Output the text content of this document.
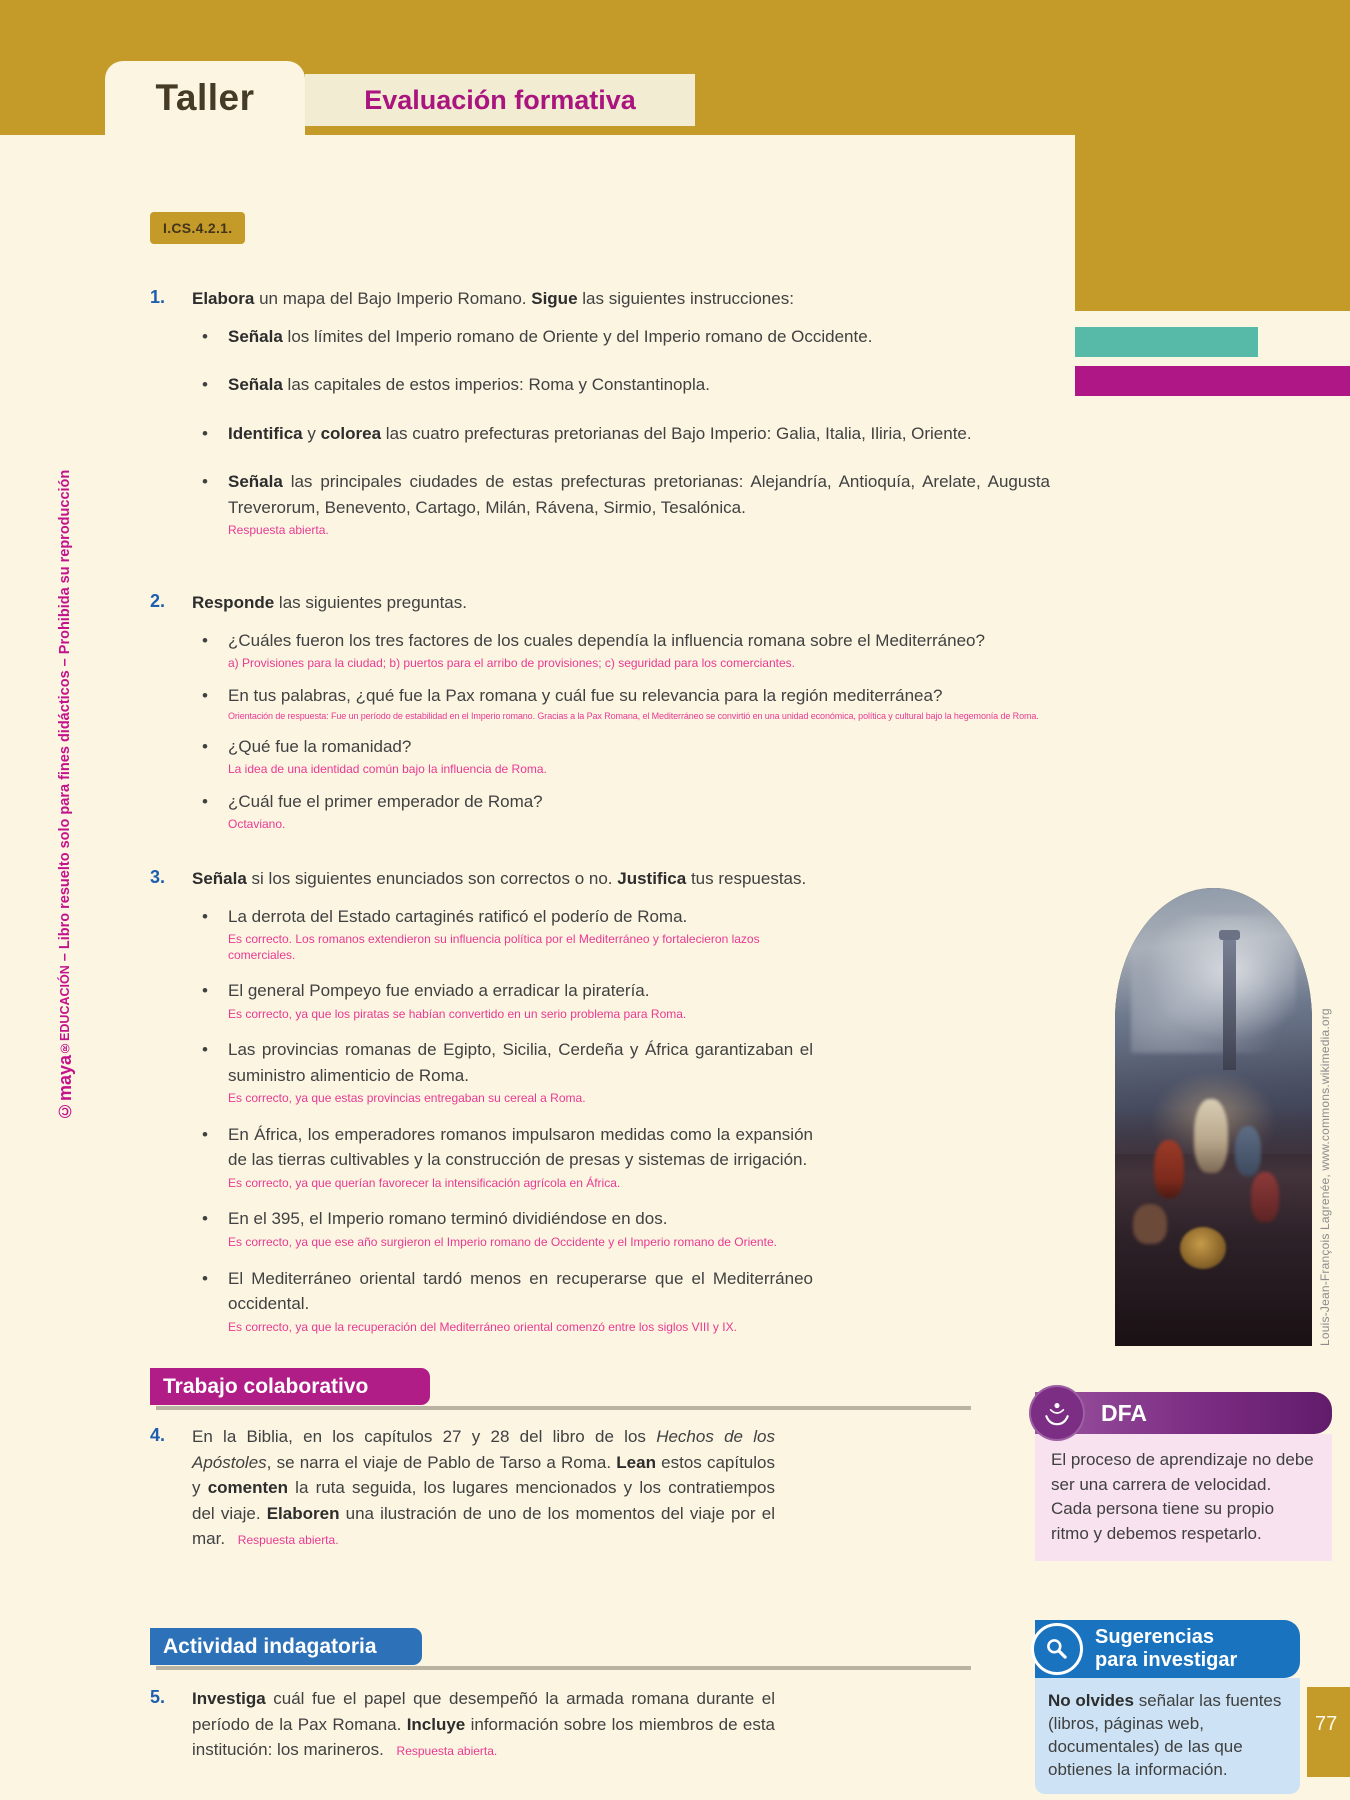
Taller	Evaluación formativa
I.CS.4.2.1.
©maya®EDUCACIÓN – Libro resuelto solo para fines didácticos – Prohibida su reproducción
1.	Elabora un mapa del Bajo Imperio Romano. Sigue las siguientes instrucciones:

• Señala los límites del Imperio romano de Oriente y del Imperio romano de Occidente.

• Señala las capitales de estos imperios: Roma y Constantinopla.

• Identifica y colorea las cuatro prefecturas pretorianas del Bajo Imperio: Galia, Italia, Iliria, Oriente.

• Señala las principales ciudades de estas prefecturas pretorianas: Alejandría, Antioquía, Arelate, Augusta Treverorum, Benevento, Cartago, Milán, Rávena, Sirmio, Tesalónica.

Respuesta abierta.

2.	Responde las siguientes preguntas.

• ¿Cuáles fueron los tres factores de los cuales dependía la influencia romana sobre el Mediterráneo?

a) Provisiones para la ciudad; b) puertos para el arribo de provisiones; c) seguridad para los comerciantes.

• En tus palabras, ¿qué fue la Pax romana y cuál fue su relevancia para la región mediterránea?

Orientación de respuesta: Fue un período de estabilidad en el Imperio romano. Gracias a la Pax Romana, el Mediterráneo se convirtió en una unidad económica, política y cultural bajo la hegemonía de Roma.

• ¿Qué fue la romanidad?

La idea de una identidad común bajo la influencia de Roma.

• ¿Cuál fue el primer emperador de Roma?

Octaviano.

3.	Señala si los siguientes enunciados son correctos o no. Justifica tus respuestas.

• La derrota del Estado cartaginés ratificó el poderío de Roma.

Es correcto. Los romanos extendieron su influencia política por el Mediterráneo y fortalecieron lazos comerciales.

• El general Pompeyo fue enviado a erradicar la piratería.

Es correcto, ya que los piratas se habían convertido en un serio problema para Roma.

• Las provincias romanas de Egipto, Sicilia, Cerdeña y África garantizaban el suministro alimenticio de Roma.

Es correcto, ya que estas provincias entregaban su cereal a Roma.

• En África, los emperadores romanos impulsaron medidas como la expansión de las tierras cultivables y la construcción de presas y sistemas de irrigación.

Es correcto, ya que querían favorecer la intensificación agrícola en África.

• En el 395, el Imperio romano terminó dividiéndose en dos.

Es correcto, ya que ese año surgieron el Imperio romano de Occidente y el Imperio romano de Oriente.

• El Mediterráneo oriental tardó menos en recuperarse que el Mediterráneo occidental.

Es correcto, ya que la recuperación del Mediterráneo oriental comenzó entre los siglos VIII y IX.	Louis-Jean-François Lagrenée, www.commons.wikimedia.org
Trabajo colaborativo
4.	En la Biblia, en los capítulos 27 y 28 del libro de los Hechos de los Apóstoles, se narra el viaje de Pablo de Tarso a Roma. Lean estos capítulos y comenten la ruta seguida, los lugares mencionados y los contratiempos del viaje. Elaboren una ilustración de uno de los momentos del viaje por el mar. Respuesta abierta.

DFA
El proceso de aprendizaje no debe ser una carrera de velocidad. Cada persona tiene su propio ritmo y debemos respetarlo.
Actividad indagatoria
5.	Investiga cuál fue el papel que desempeñó la armada romana durante el período de la Pax Romana. Incluye información sobre los miembros de esta institución: los marineros. Respuesta abierta.

Sugerencias
para investigar
No olvides señalar las fuentes (libros, páginas web, documentales) de las que obtienes la información.
77
